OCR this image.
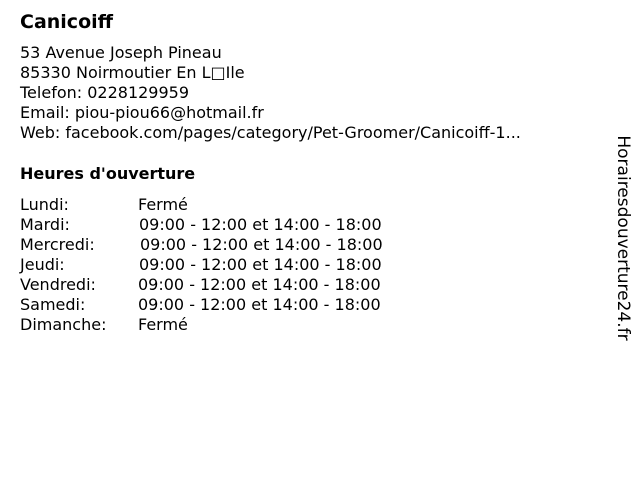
Canicoiff
53 Avenue Joseph Pineau
85330 Noirmoutier En L□Ile
Telefon: 0228129959
Email: piou-piou66@hotmail.fr
Web: facebook.com/pages/category/Pet-Groomer/Canicoiff-1...
Heures d'ouverture
Lundi:	Fermé
Mardi:	09:00 - 12:00 et 14:00 - 18:00
Mercredi:	09:00 - 12:00 et 14:00 - 18:00
Jeudi:	09:00 - 12:00 et 14:00 - 18:00
Vendredi:	09:00 - 12:00 et 14:00 - 18:00
Samedi:	09:00 - 12:00 et 14:00 - 18:00
Dimanche: Fermé	Horairesdouverture24.fr
